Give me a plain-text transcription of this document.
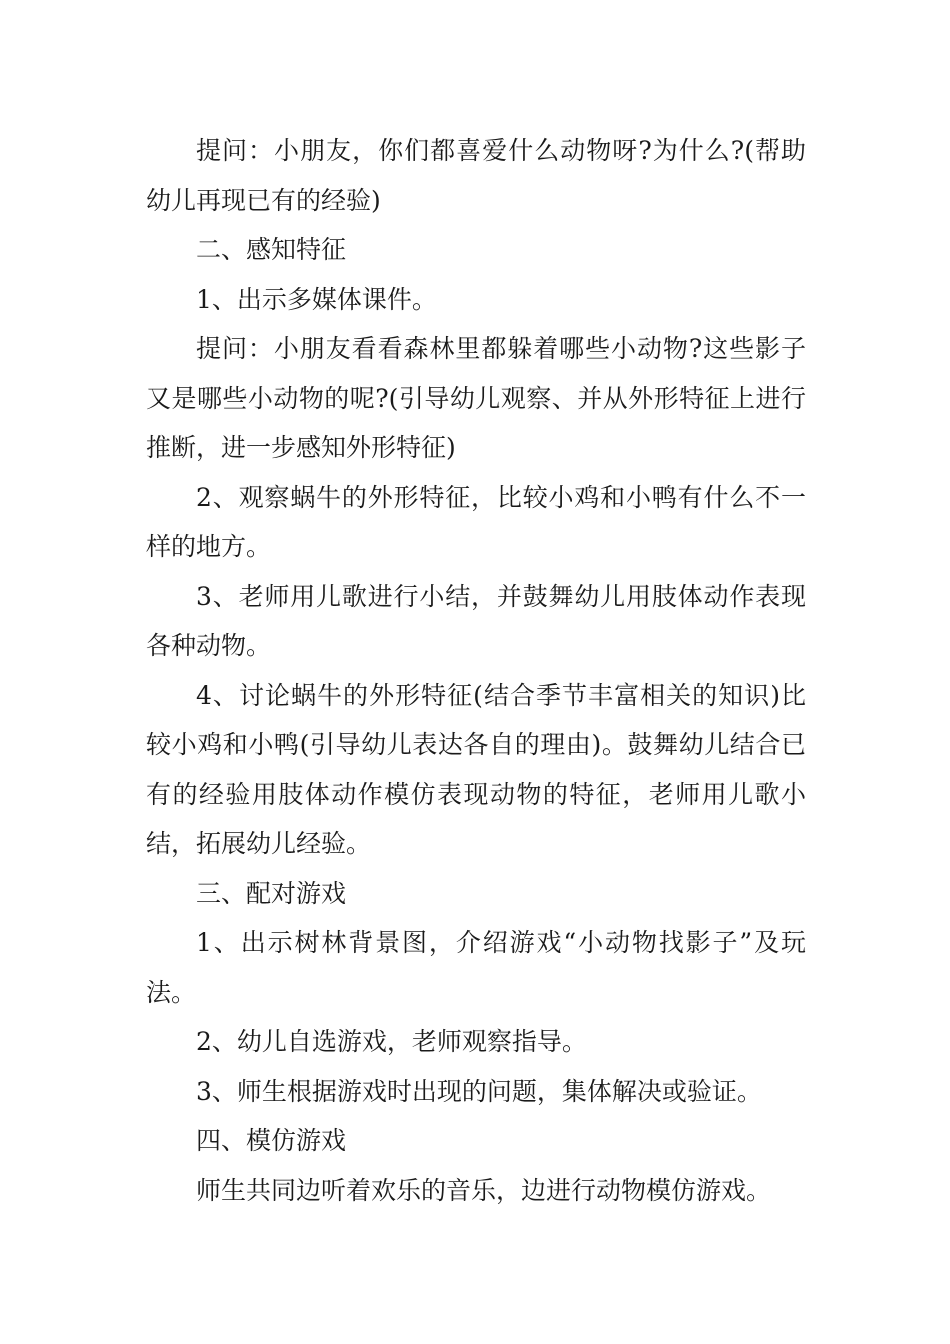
提问：小朋友，你们都喜爱什么动物呀?为什么?(帮助幼儿再现已有的经验)

二、感知特征

1、出示多媒体课件。

提问：小朋友看看森林里都躲着哪些小动物?这些影子又是哪些小动物的呢?(引导幼儿观察、并从外形特征上进行推断，进一步感知外形特征)

2、观察蜗牛的外形特征，比较小鸡和小鸭有什么不一样的地方。

3、老师用儿歌进行小结，并鼓舞幼儿用肢体动作表现各种动物。

4、讨论蜗牛的外形特征(结合季节丰富相关的知识)比较小鸡和小鸭(引导幼儿表达各自的理由)。鼓舞幼儿结合已有的经验用肢体动作模仿表现动物的特征，老师用儿歌小结，拓展幼儿经验。

三、配对游戏

1、出示树林背景图，介绍游戏“小动物找影子”及玩法。

2、幼儿自选游戏，老师观察指导。

3、师生根据游戏时出现的问题，集体解决或验证。

四、模仿游戏

师生共同边听着欢乐的音乐，边进行动物模仿游戏。
